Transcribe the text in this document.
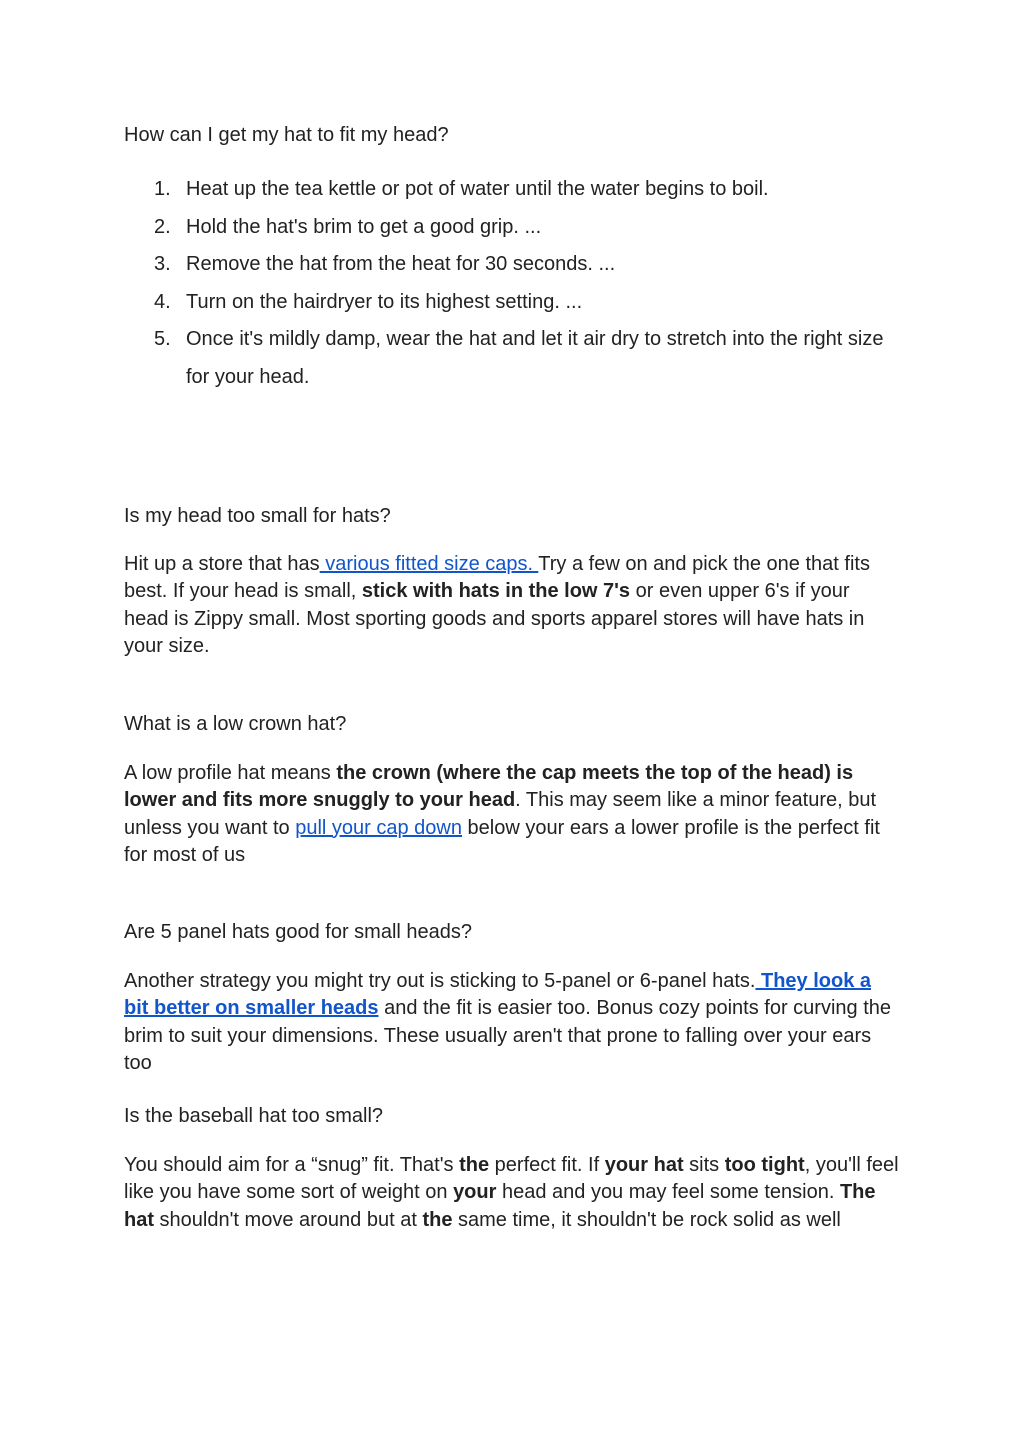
How can I get my hat to fit my head?
1. Heat up the tea kettle or pot of water until the water begins to boil.
2. Hold the hat's brim to get a good grip. ...
3. Remove the hat from the heat for 30 seconds. ...
4. Turn on the hairdryer to its highest setting. ...
5. Once it's mildly damp, wear the hat and let it air dry to stretch into the right size for your head.
Is my head too small for hats?

Hit up a store that has various fitted size caps. Try a few on and pick the one that fits best. If your head is small, stick with hats in the low 7's or even upper 6's if your head is Zippy small. Most sporting goods and sports apparel stores will have hats in your size.

What is a low crown hat?

A low profile hat means the crown (where the cap meets the top of the head) is lower and fits more snuggly to your head. This may seem like a minor feature, but unless you want to pull your cap down below your ears a lower profile is the perfect fit for most of us

Are 5 panel hats good for small heads?

Another strategy you might try out is sticking to 5-panel or 6-panel hats. They look a bit better on smaller heads and the fit is easier too. Bonus cozy points for curving the brim to suit your dimensions. These usually aren't that prone to falling over your ears too

Is the baseball hat too small?

You should aim for a “snug” fit. That's the perfect fit. If your hat sits too tight, you'll feel like you have some sort of weight on your head and you may feel some tension. The hat shouldn't move around but at the same time, it shouldn't be rock solid as well
